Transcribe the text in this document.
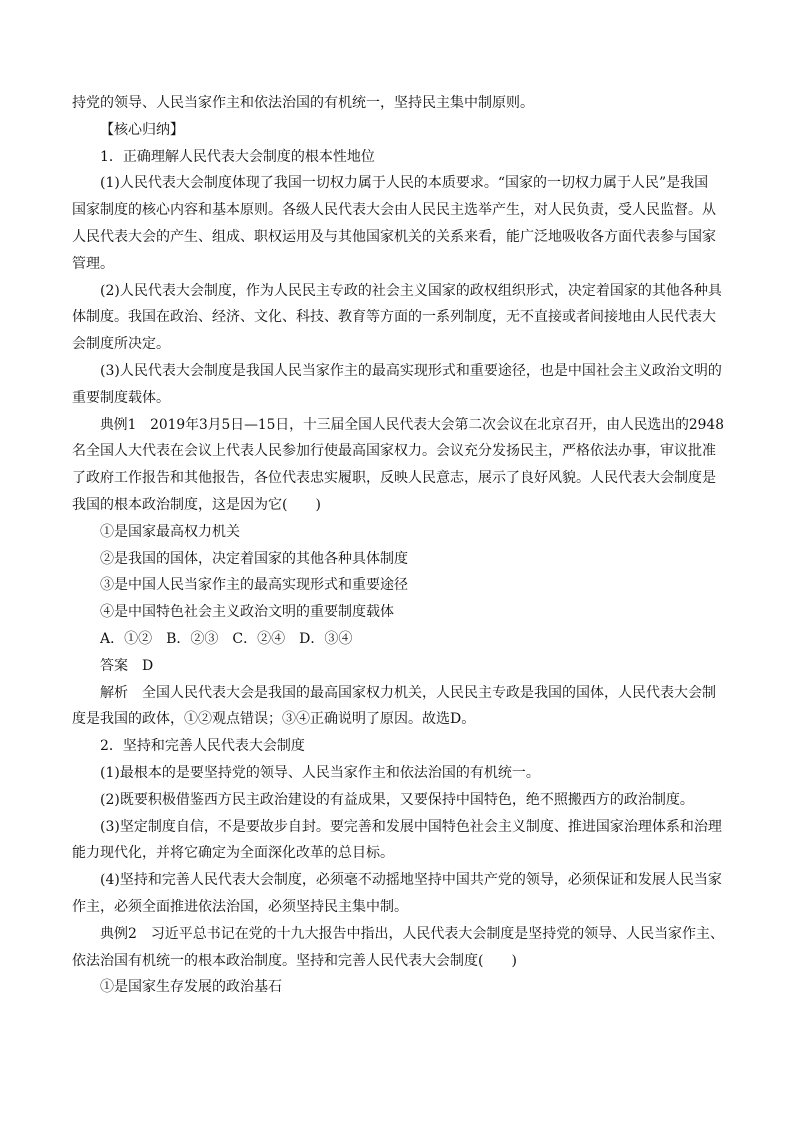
持党的领导、人民当家作主和依法治国的有机统一，坚持民主集中制原则。
【核心归纳】
1．正确理解人民代表大会制度的根本性地位
(1)人民代表大会制度体现了我国一切权力属于人民的本质要求。“国家的一切权力属于人民”是我国
国家制度的核心内容和基本原则。各级人民代表大会由人民民主选举产生，对人民负责，受人民监督。从
人民代表大会的产生、组成、职权运用及与其他国家机关的关系来看，能广泛地吸收各方面代表参与国家
管理。
(2)人民代表大会制度，作为人民民主专政的社会主义国家的政权组织形式，决定着国家的其他各种具
体制度。我国在政治、经济、文化、科技、教育等方面的一系列制度，无不直接或者间接地由人民代表大
会制度所决定。
(3)人民代表大会制度是我国人民当家作主的最高实现形式和重要途径，也是中国社会主义政治文明的
重要制度载体。
典例1　2019年3月5日—15日，十三届全国人民代表大会第二次会议在北京召开，由人民选出的2948
名全国人大代表在会议上代表人民参加行使最高国家权力。会议充分发扬民主，严格依法办事，审议批准
了政府工作报告和其他报告，各位代表忠实履职，反映人民意志，展示了良好风貌。人民代表大会制度是
我国的根本政治制度，这是因为它(　　)
①是国家最高权力机关
②是我国的国体，决定着国家的其他各种具体制度
③是中国人民当家作主的最高实现形式和重要途径
④是中国特色社会主义政治文明的重要制度载体
A．①②　B．②③　C．②④　D．③④
答案　D
解析　全国人民代表大会是我国的最高国家权力机关，人民民主专政是我国的国体，人民代表大会制
度是我国的政体，①②观点错误；③④正确说明了原因。故选D。
2．坚持和完善人民代表大会制度
(1)最根本的是要坚持党的领导、人民当家作主和依法治国的有机统一。
(2)既要积极借鉴西方民主政治建设的有益成果，又要保持中国特色，绝不照搬西方的政治制度。
(3)坚定制度自信，不是要故步自封。要完善和发展中国特色社会主义制度、推进国家治理体系和治理
能力现代化，并将它确定为全面深化改革的总目标。
(4)坚持和完善人民代表大会制度，必须毫不动摇地坚持中国共产党的领导，必须保证和发展人民当家
作主，必须全面推进依法治国，必须坚持民主集中制。
典例2　习近平总书记在党的十九大报告中指出，人民代表大会制度是坚持党的领导、人民当家作主、
依法治国有机统一的根本政治制度。坚持和完善人民代表大会制度(　　)
①是国家生存发展的政治基石
